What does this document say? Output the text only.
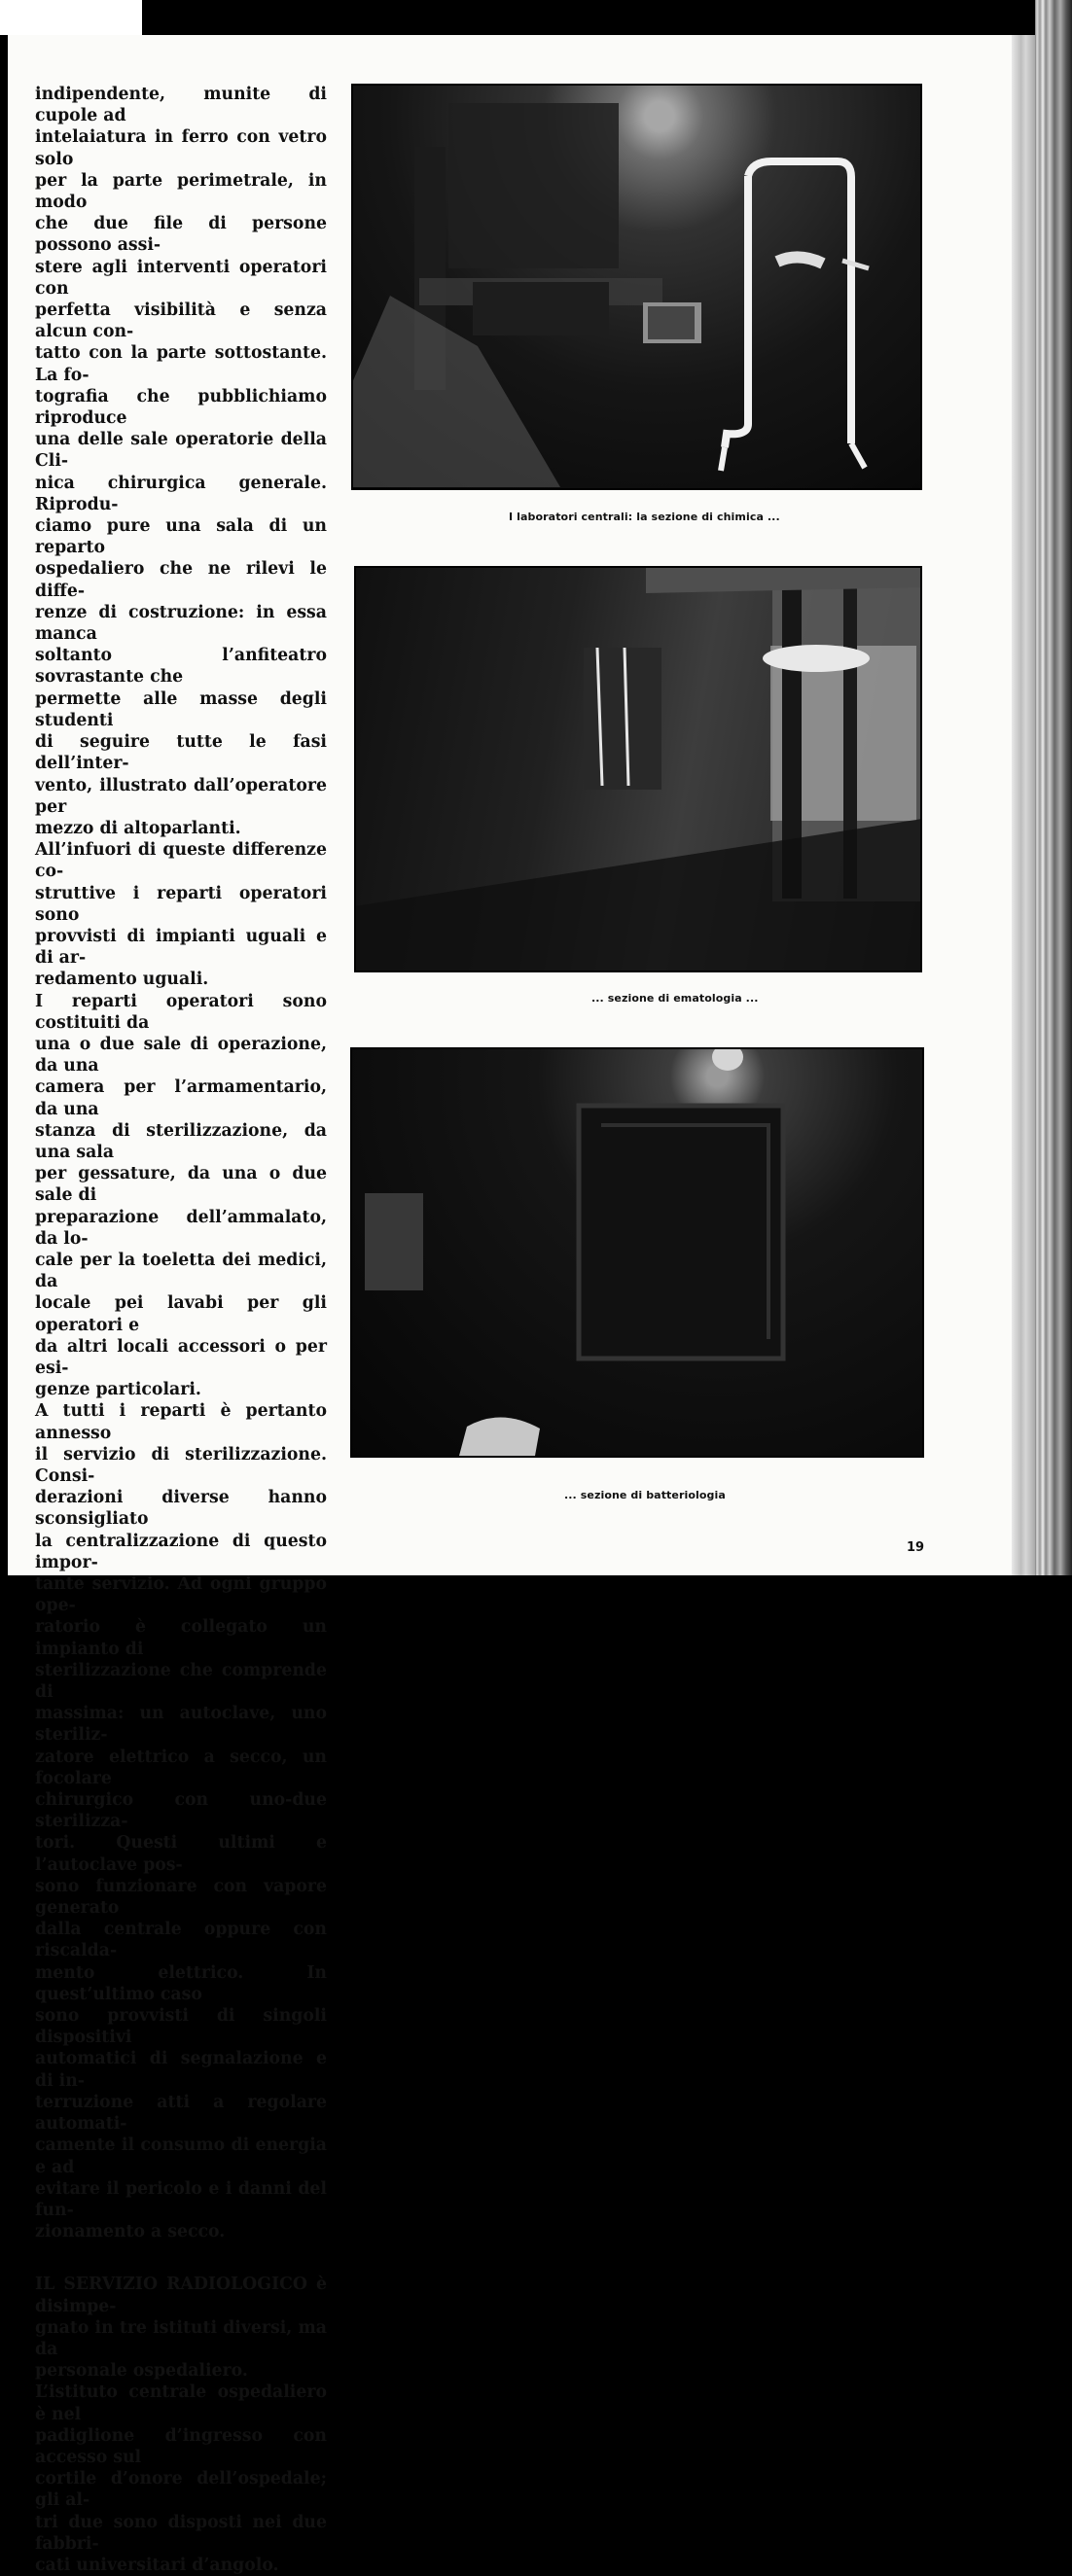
indipendente, munite di cupole ad
intelaiatura in ferro con vetro solo
per la parte perimetrale, in modo
che due file di persone possono assi-
stere agli interventi operatori con
perfetta visibilità e senza alcun con-
tatto con la parte sottostante. La fo-
tografia che pubblichiamo riproduce
una delle sale operatorie della Cli-
nica chirurgica generale. Riprodu-
ciamo pure una sala di un reparto
ospedaliero che ne rilevi le diffe-
renze di costruzione: in essa manca
soltanto l’anfiteatro sovrastante che
permette alle masse degli studenti
di seguire tutte le fasi dell’inter-
vento, illustrato dall’operatore per
mezzo di altoparlanti.

All’infuori di queste differenze co-
struttive i reparti operatori sono
provvisti di impianti uguali e di ar-
redamento uguali.

I reparti operatori sono costituiti da
una o due sale di operazione, da una
camera per l’armamentario, da una
stanza di sterilizzazione, da una sala
per gessature, da una o due sale di
preparazione dell’ammalato, da lo-
cale per la toeletta dei medici, da
locale pei lavabi per gli operatori e
da altri locali accessori o per esi-
genze particolari.

A tutti i reparti è pertanto annesso
il servizio di sterilizzazione. Consi-
derazioni diverse hanno sconsigliato
la centralizzazione di questo impor-
tante servizio. Ad ogni gruppo ope-
ratorio è collegato un impianto di
sterilizzazione che comprende di
massima: un autoclave, uno steriliz-
zatore elettrico a secco, un focolare
chirurgico con uno-due sterilizza-
tori. Questi ultimi e l’autoclave pos-
sono funzionare con vapore generato
dalla centrale oppure con riscalda-
mento elettrico. In quest’ultimo caso
sono provvisti di singoli dispositivi
automatici di segnalazione e di in-
terruzione atti a regolare automati-
camente il consumo di energia e ad
evitare il pericolo e i danni del fun-
zionamento a secco.

IL SERVIZIO RADIOLOGICO è disimpe-
gnato in tre istituti diversi, ma da
personale ospedaliero.

L’istituto centrale ospedaliero è nel
padiglione d’ingresso con accesso sul
cortile d’onore dell’ospedale; gli al-
tri due sono disposti nei due fabbri-
cati universitari d’angolo.

I laboratori centrali: la sezione di chimica ...
... sezione di ematologia ...
... sezione di batteriologia
19
